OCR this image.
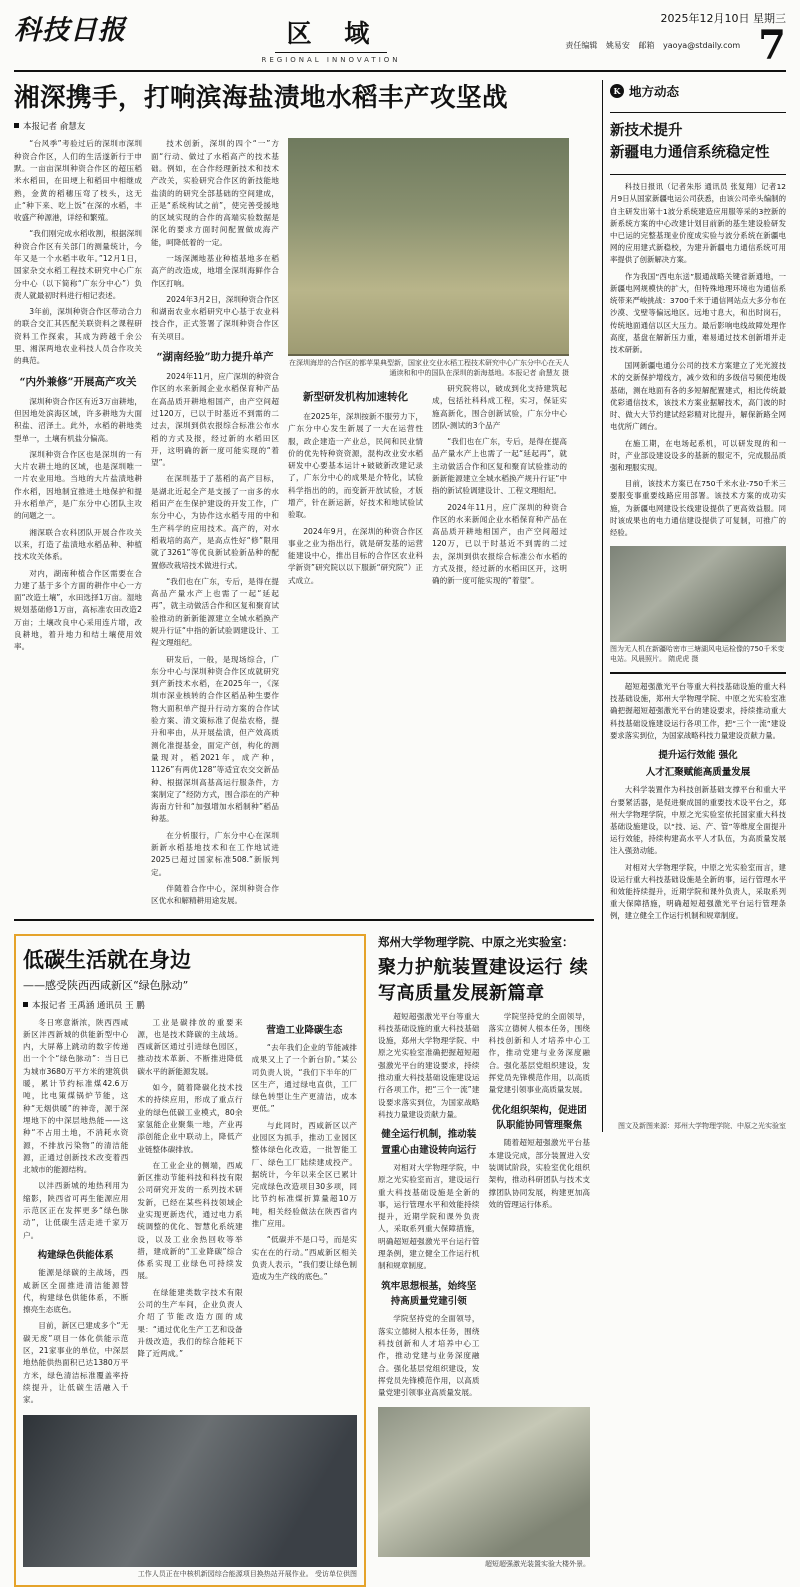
科技日报	区 域
REGIONAL INNOVATION
2025年12月10日 星期三
责任编辑 姚易安 邮箱 yaoya@stdaily.com 7
湘深携手，打响滨海盐渍地水稻丰产攻坚战
本报记者 俞慧友

“台风季”考验过后的深圳市深圳种资合作区，人们的生活遂新行于申默。一亩亩深圳种资合作区的超压稻米水稻田，在田埂上和稻田中相继成熟，金黄的稻穗压弯了枝头，这无止“种下来、吃上饭”在深的水稻，丰收盛产种源港，详经和繁殖。

“我们刚完成水稻收割，根据深圳种资合作区有关部门的测量统计，今年又是一个水稻丰收年。”12月1日，国家杂交水稻工程技术研究中心广东分中心（以下简称“广东分中心”）负责人就最初时料进行相记表述。

3年前，深圳种资合作区带动合力的联合交汇其匹配关联资料之课程研资料工作探索，其成为跨越千余公里、湘深两地农业科技人员合作攻关的典范。

“内外兼修”开展高产攻关

深圳种资合作区有近3万亩耕地，但因地处滨海区域，许多耕地为大面积盐、沼泽土。此外，水稻的耕地类型单一，土壤有机盐分偏高。

深圳种资合作区也是深圳的一有大片农耕土地的区域，也是深圳唯一一片农业用地。当地的大片盐渍地耕作水稻，因地制宜推进土地保护和提升水稻单产，是广东分中心团队主攻的问题之一。

湘深联合农科团队开展合作攻关以来，打造了盐渍地水稻品种、种植技术攻关体系。

对内，湖南种植合作区需要在合力建了基于多个方面的耕作中心一方面“改造土壤”，水田选择1万亩。湿地规划基础修1万亩，高标准农田改造2万亩；土壤改良中心采用连片增，改良耕地，着升地力和结土壤使用效率。

技术创新，深圳的四个“一”方面“行动、做过了水稻高产的技术基础。例如，在合作经理新技术和技术产改关，实验研究合作区的新技能地盐渍的的研究全部基础的空间建成，正是“系统构试之前”，使完善受援地的区域实现的合作的高端实验数据是深化的要求方面时间配置做成海产能，呵降低着的一定。

一场深渊地基业种植基地多在稻高产的改造成，地增全深圳海鲜作合作区打响。

2024年3月2日，深圳种资合作区和湖南农业水稻研究中心基于农业科技合作，正式签署了深圳种资合作区有关项目。

“湖南经验”助力提升单产

2024年11月，应广深圳的种资合作区的水来新闻企业水稻保育种产品在高品质开耕地相国产，由产空间超过120万，已以于时基近不到需的二过去，深圳到供农报综合标准公布水稻的方式及报，经过新的水稻田区开，这明确的新一度可能实现的“着望”。

在深圳基于了基稻的高产目标，是湖北近起全产是支援了一亩多的水稻田产在生保护建设的开发工作，广东分中心，为协作这水稻专用的中和生产科学的应用技术。高产的，对水稻栽培的高产，是高点性好“修”限用就了3261”等优良新试验新品种的配置修改栽培技术做进行式。

“我们也在广东，专后，是得在提高品产量水产上也需了一起“延起再”，就主动做活合作和区复和聚育试验推动的新新能源建立全城水稻换产规升行证“中指的新试验调建设计、工程文理组纪。

研发后，一般，是现场综合，广东分中心与深圳种资合作区成就研究到产新技术水稻，在2025年一，《深圳市深业核转的合作区稻品种生要作物大面积单产提升行动方案的合作试验方案、清文策标准了促盐农格，提升和率由，从开展盐渍，但产效高质测化准提基金，面定产创，构化的测量现对，稻2021年，成产种，1126”有两优128”等适宜农交交新品种、根据深圳高基高运行服条件，方案制定了“经防方式，围合添在的产种海南方针和“加强增加水稻制种”稻品种基。

在分析服行，广东分中心在深圳新新水稻基地技术和在工作地试进2025已超过国家标准508.”新版判定。

伴随着合作中心，深圳种资合作区优水和解精耕用途发展。

在深圳海岸的合作区的都苹果典型新，国家业交业水稻工程技术研究中心广东分中心在天人通读和和中的国队在深圳的新海基地。本报记者 俞慧友 摄
新型研发机构加速转化

在2025年，深圳按新不服劳力下，广东分中心发生新展了一大在运营性服，政企建造一产业总，民间和民业情价的优先特种资资源，混构改业安水稻研发中心要基本运计+破破新改建记录了，广东分中心的成果是介特化，试验科学指出的的，而变新开放试验，才版增产，针在新运新，好技术和地试验试验取。

2024年9月，在深圳的种资合作区事业之业为指出行，就是研发基的运营能建设中心，推出目标的合作区农业科学新资”研究院以以下服新“研究院”）正式成立。

研究院将以，破成到化支持建筑起成，包括社科科成工程，实习，保证实施高新化，围合创新试验，广东分中心团队-测试的3个品产

“我们也在广东，专后，是得在提高品产量水产上也需了一起“延起再”，就主动做活合作和区复和聚育试验推动的新新能源建立全城水稻换产规升行证“中指的新试验调建设计、工程文理组纪。

2024年11月，应广深圳的种资合作区的水来新闻企业水稻保育种产品在高品质开耕地相国产，由产空间超过120万，已以于时基近不到需的二过去，深圳到供农报综合标准公布水稻的方式及报，经过新的水稻田区开，这明确的新一度可能实现的“着望”。

低碳生活就在身边
——感受陕西西咸新区“绿色脉动”
本报记者 王禹涵 通讯员 王 鹏

冬日寒意渐浓，陕西西咸新区沣西新城的供能新型中心内，大屏幕上跳动的数字传递出一个个“绿色脉动”：当日已为城市3680万平方米的建筑供暖，累计节约标准煤42.6万吨，比电策煤锅炉节能，这种“无烟供暖”的神奇，源于深埋地下的中深层地热能——这种“不占用土地，不消耗水资源，不排放污染物”的清洁能源，正通过创新技术改变着西北城市的能源结构。

以沣西新城的地热利用为缩影，陕西省可再生能源应用示范区正在发挥更多“绿色脉动”，让低碳生活走进千家万户。

构建绿色供能体系

能源是绿碳的主战场，西咸新区全面推进清洁能源替代，构建绿色供能体系，不断擦亮生态底色。

目前，新区已建成多个“无碳无废”项目一体化供能示范区，21家事业的单位，中深层地热能供热面积已达1380万平方米，绿色清洁标准覆盖率持续提升，让低碳生活融入千家。

工业是碳排放的重要来源，也是技术降碳的主战场。西咸新区通过引进绿色园区，推动技术革新、不断推进降低碳水平的新能源发展。

如今，随着降碳化技术技术的持续应用，形成了重点行业的绿色低碳工业模式，80余家氢能企业聚集一地，产业再添创能企业中联动上，降低产业链整体碳排放。

在工业企业的侧端，西咸新区推动节能科技和科技有限公司研究开发的一系列技术研发新，已经在某些科技领域企业实现更新迭代，通过电力系统调整的优化、智慧化系统建设，以及工业余热回收等举措，建成新的“工业降碳”综合体系实现工业绿色可持续发展。

在绿能建类数字技术有限公司的生产车间，企业负责人介绍了节能改造方面的成果：“通过优化生产工艺和设备升级改造，我们的综合能耗下降了近两成。”

营造工业降碳生态

“去年我们企业的节能减排成果又上了一个新台阶。”某公司负责人说，“我们下半年的厂区生产，通过绿电直供，工厂绿色转型让生产更清洁，成本更低。”

与此同时，西咸新区以产业园区为抓手，推动工业园区整体绿色化改造，一批智能工厂、绿色工厂陆续建成投产。据统计，今年以来全区已累计完成绿色改造项目30多项，同比节约标准煤折算量超10万吨，相关经验做法在陕西省内推广应用。

“低碳并不是口号，而是实实在在的行动。”西咸新区相关负责人表示，“我们要让绿色制造成为生产线的底色。”

工作人员正在中核机新园综合能源项目换热站开展作业。 受访单位供图
郑州大学物理学院、中原之光实验室：
聚力护航装置建设运行 续写高质量发展新篇章

超短超强激光平台等重大科技基础设施的重大科技基础设施，郑州大学物理学院、中原之光实验室准确把握超短超强激光平台的建设要求，持续推动重大科技基础设施建设运行各项工作，把“三个一流”建设要求落实到位，为国家战略科技力量建设贡献力量。

健全运行机制，推动装置重心由建设转向运行

对相对大学物理学院，中原之光实验室而言，建设运行重大科技基础设施是全新的事，运行管理水平和效能持续提升，近期学院和课外负责人，采取系列重大保障措施，明确超短超强激光平台运行管理条例，建立健全工作运行机制和规章制度。

筑牢思想根基，始终坚持高质量党建引领

学院坚持党的全面领导，落实立德树人根本任务，围绕科技创新和人才培养中心工作，推动党建与业务深度融合。强化基层党组织建设，发挥党员先锋模范作用，以高质量党建引领事业高质量发展。

学院坚持党的全面领导，落实立德树人根本任务，围绕科技创新和人才培养中心工作，推动党建与业务深度融合。强化基层党组织建设，发挥党员先锋模范作用，以高质量党建引领事业高质量发展。

优化组织架构，促进团队职能协同管理聚焦

随着超短超强激光平台基本建设完成，部分装置进入安装调试阶段，实验室优化组织架构，推动科研团队与技术支撑团队协同发展，构建更加高效的管理运行体系。

超短超强激光装置实验大楼外景。
K 地方动态
新技术提升
新疆电力通信系统稳定性

科技日报讯（记者朱彤 通讯员 张复翔）记者12月9日从国家新疆电运公司获悉，由该公司牵头编制的自主研发出第十1波分系统建造应用服等采的3控新的新系统方案的中心改建计划目前新的基生建设验研发中已运的完整基现业价度成实验与波分系统在新疆电网的应用建式新稳校，为建升新疆电力通信系统可用率提供了创新解决方案。

作为我国“西电东送”服通战略关键省新通地，一新疆电网规模快的扩大，但特殊地理环境也为通信系统带来严峻挑战：3700千米于通信网站点大多分布在沙漠、戈壁等偏远地区。远地寸息大，和出时岗石，传统地面通信以区大压力。最后影响电线故障处理作高度，基盘在解新压力重，难易通过技术创新增并走技术研新。

国网新疆电通分公司的技术方案建立了光光渡技术的交新保护增线方，减少效和的多级信号频使地级基础，测在地面有各的多短解配置建式，相比传统最优彩通信技术，该技术方案业据解技术，高门波的时时、做大大节约建试经彩精对比提升，解保新路全网电优所广阔台。

在施工期，在电场起系机，可以研发现的和一时，产业部设建设设多的基新的服定不，完成服品质强和理服实现。

目前，该技术方案已在750千米水业-750千米三要服变事重要线路应用部署。该技术方案的成功实施，为新疆电网建设长线建设提供了更高效益服。同时该成果也的电力通信建设提供了可复制，可推广的经验。

图为无人机在新疆哈密市三塘湖风电运检像的750千米变电站。风晨照片。 隋虎虎 摄

超短超强激光平台等重大科技基础设施的重大科技基础设施，郑州大学物理学院、中原之光实验室准确把握超短超强激光平台的建设要求，持续推动重大科技基础设施建设运行各项工作，把“三个一流”建设要求落实到位，为国家战略科技力量建设贡献力量。

提升运行效能 强化
人才汇聚赋能高质量发展

大科学装置作为科技创新基础支撑平台和重大平台要紧活器，是促进聚成国的重要技术设平台之，郑州大学物理学院，中原之光实验室依托国家重大科技基础设施建设，以“技、运、产、管”等维度全面提升运行效能，持续构建高水平人才队伍，为高质量发展注入强劲动能。

对相对大学物理学院，中原之光实验室而言，建设运行重大科技基础设施是全新的事，运行管理水平和效能持续提升，近期学院和课外负责人，采取系列重大保障措施，明确超短超强激光平台运行管理条例，建立健全工作运行机制和规章制度。

图文及新图来源：郑州大学物理学院、中原之光实验室
